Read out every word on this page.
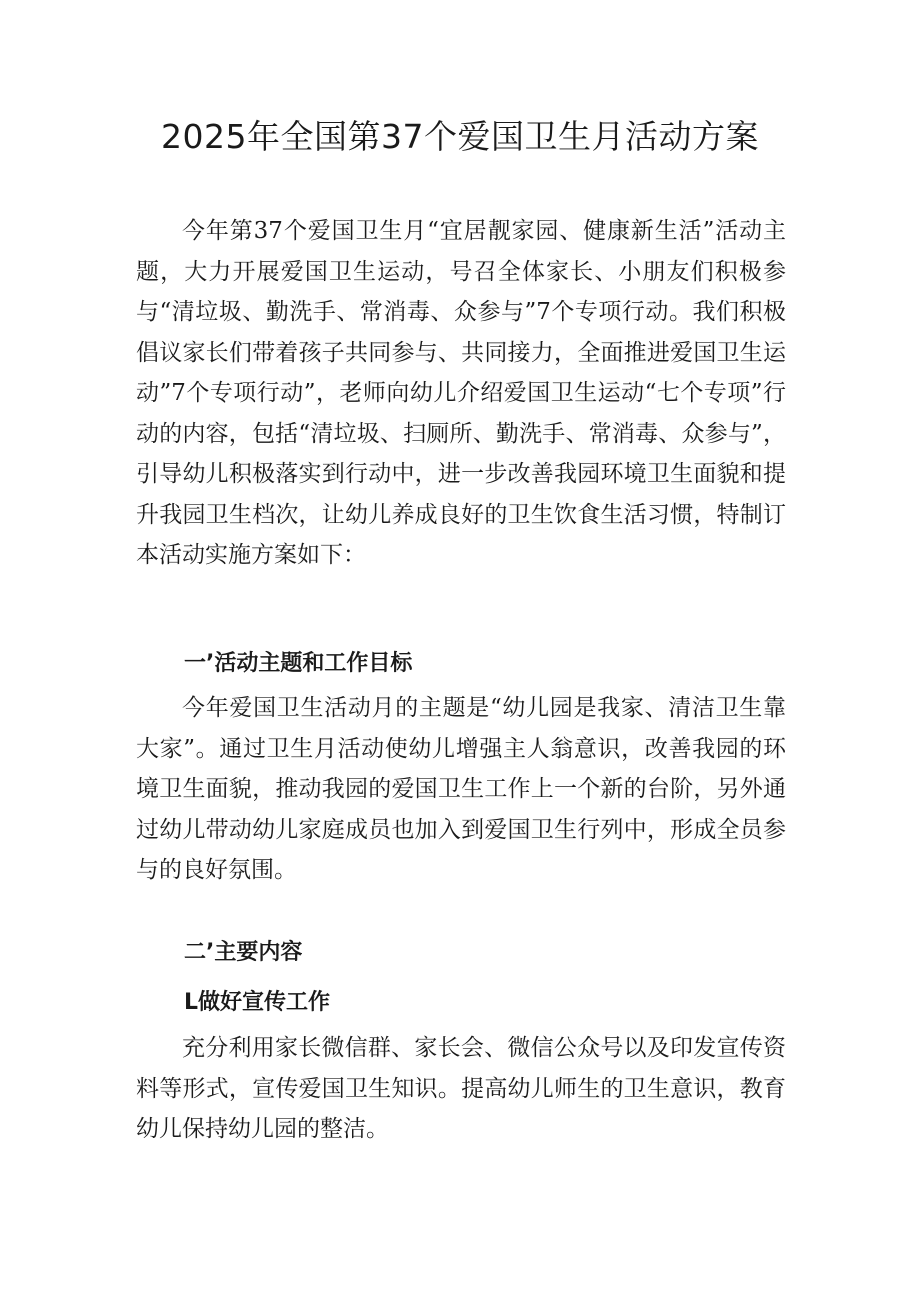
2025年全国第37个爱国卫生月活动方案

今年第37个爱国卫生月“宜居靓家园、健康新生活”活动主题，大力开展爱国卫生运动，号召全体家长、小朋友们积极参与“清垃圾、勤洗手、常消毒、众参与”7个专项行动。我们积极倡议家长们带着孩子共同参与、共同接力，全面推进爱国卫生运动”7个专项行动”，老师向幼儿介绍爱国卫生运动“七个专项”行动的内容，包括“清垃圾、扫厕所、勤洗手、常消毒、众参与”，引导幼儿积极落实到行动中，进一步改善我园环境卫生面貌和提升我园卫生档次，让幼儿养成良好的卫生饮食生活习惯，特制订本活动实施方案如下：

一’活动主题和工作目标

今年爱国卫生活动月的主题是“幼儿园是我家、清洁卫生靠大家”。通过卫生月活动使幼儿增强主人翁意识，改善我园的环境卫生面貌，推动我园的爱国卫生工作上一个新的台阶，另外通过幼儿带动幼儿家庭成员也加入到爱国卫生行列中，形成全员参与的良好氛围。

二’主要内容
L做好宣传工作

充分利用家长微信群、家长会、微信公众号以及印发宣传资料等形式，宣传爱国卫生知识。提高幼儿师生的卫生意识，教育幼儿保持幼儿园的整洁。
